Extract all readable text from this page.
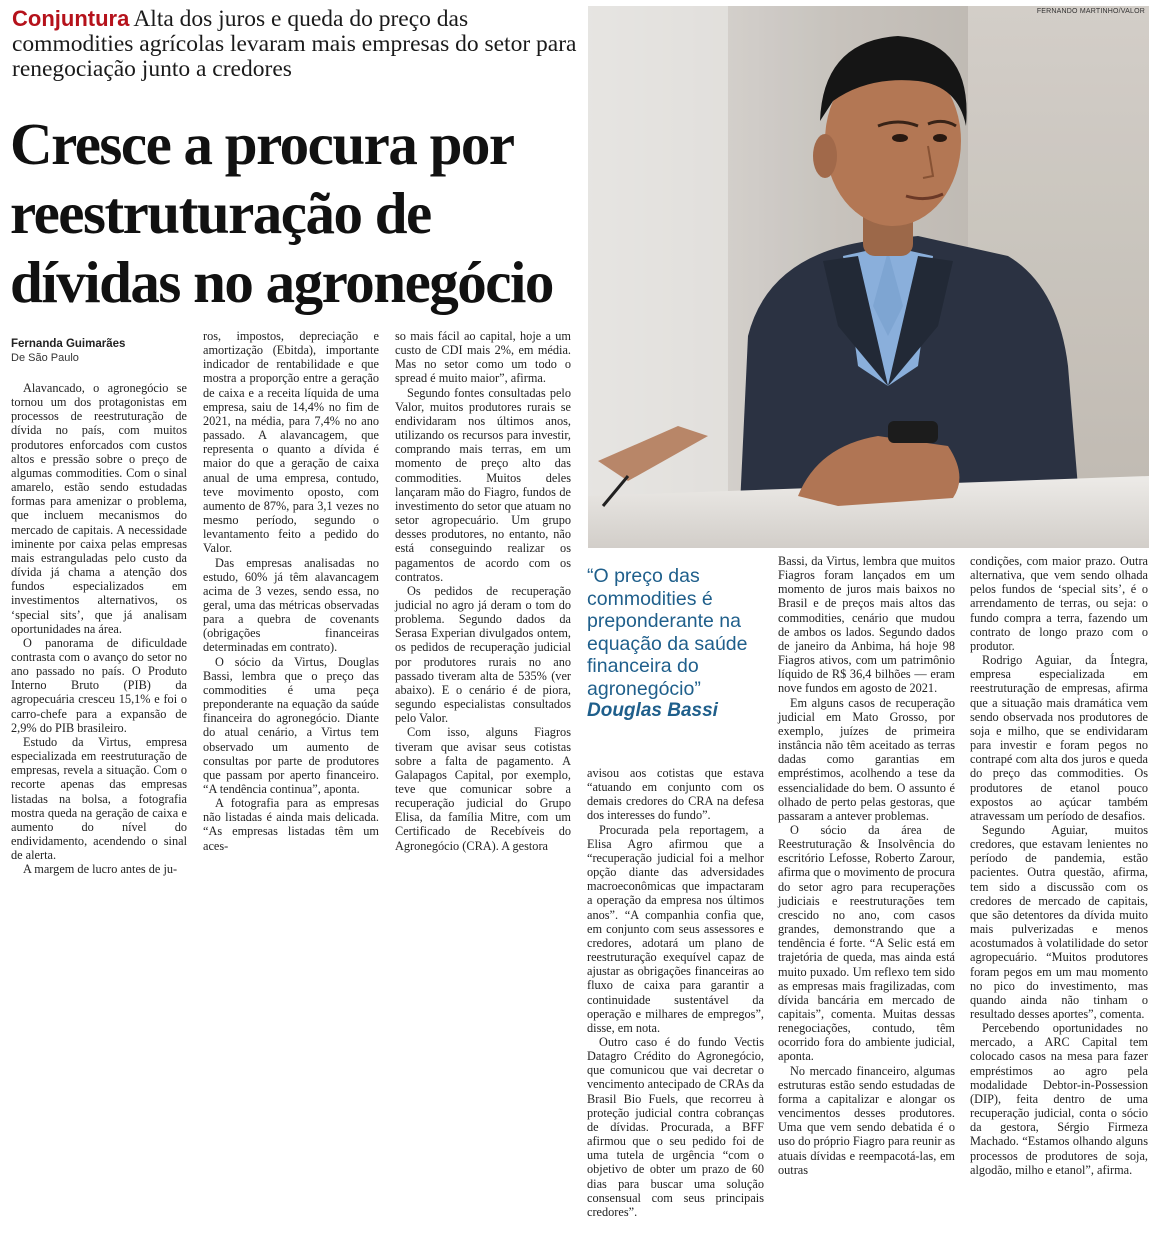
Conjuntura Alta dos juros e queda do preço das commodities agrícolas levaram mais empresas do setor para renegociação junto a credores
Cresce a procura por reestruturação de dívidas no agronegócio
FERNANDO MARTINHO/VALOR
Fernanda Guimarães
De São Paulo

Alavancado, o agronegócio se tornou um dos protagonistas em processos de reestruturação de dívida no país, com muitos produtores enforcados com custos altos e pressão sobre o preço de algumas commodities. Com o sinal amarelo, estão sendo estudadas formas para amenizar o problema, que incluem mecanismos do mercado de capitais. A necessidade iminente por caixa pelas empresas mais estranguladas pelo custo da dívida já chama a atenção dos fundos especializados em investimentos alternativos, os ‘special sits’, que já analisam oportunidades na área.

O panorama de dificuldade contrasta com o avanço do setor no ano passado no país. O Produto Interno Bruto (PIB) da agropecuária cresceu 15,1% e foi o carro-chefe para a expansão de 2,9% do PIB brasileiro.

Estudo da Virtus, empresa especializada em reestruturação de empresas, revela a situação. Com o recorte apenas das empresas listadas na bolsa, a fotografia mostra queda na geração de caixa e aumento do nível do endividamento, acendendo o sinal de alerta.

A margem de lucro antes de ju-

ros, impostos, depreciação e amortização (Ebitda), importante indicador de rentabilidade e que mostra a proporção entre a geração de caixa e a receita líquida de uma empresa, saiu de 14,4% no fim de 2021, na média, para 7,4% no ano passado. A alavancagem, que representa o quanto a dívida é maior do que a geração de caixa anual de uma empresa, contudo, teve movimento oposto, com aumento de 87%, para 3,1 vezes no mesmo período, segundo o levantamento feito a pedido do Valor.

Das empresas analisadas no estudo, 60% já têm alavancagem acima de 3 vezes, sendo essa, no geral, uma das métricas observadas para a quebra de covenants (obrigações financeiras determinadas em contrato).

O sócio da Virtus, Douglas Bassi, lembra que o preço das commodities é uma peça preponderante na equação da saúde financeira do agronegócio. Diante do atual cenário, a Virtus tem observado um aumento de consultas por parte de produtores que passam por aperto financeiro. “A tendência continua”, aponta.

A fotografia para as empresas não listadas é ainda mais delicada. “As empresas listadas têm um aces-

so mais fácil ao capital, hoje a um custo de CDI mais 2%, em média. Mas no setor como um todo o spread é muito maior”, afirma.

Segundo fontes consultadas pelo Valor, muitos produtores rurais se endividaram nos últimos anos, utilizando os recursos para investir, comprando mais terras, em um momento de preço alto das commodities. Muitos deles lançaram mão do Fiagro, fundos de investimento do setor que atuam no setor agropecuário. Um grupo desses produtores, no entanto, não está conseguindo realizar os pagamentos de acordo com os contratos.

Os pedidos de recuperação judicial no agro já deram o tom do problema. Segundo dados da Serasa Experian divulgados ontem, os pedidos de recuperação judicial por produtores rurais no ano passado tiveram alta de 535% (ver abaixo). E o cenário é de piora, segundo especialistas consultados pelo Valor.

Com isso, alguns Fiagros tiveram que avisar seus cotistas sobre a falta de pagamento. A Galapagos Capital, por exemplo, teve que comunicar sobre a recuperação judicial do Grupo Elisa, da família Mitre, com um Certificado de Recebíveis do Agronegócio (CRA). A gestora

“O preço das commodities é preponderante na equação da saúde financeira do agronegócio”
Douglas Bassi

avisou aos cotistas que estava “atuando em conjunto com os demais credores do CRA na defesa dos interesses do fundo”.

Procurada pela reportagem, a Elisa Agro afirmou que a “recuperação judicial foi a melhor opção diante das adversidades macroeconômicas que impactaram a operação da empresa nos últimos anos”. “A companhia confia que, em conjunto com seus assessores e credores, adotará um plano de reestruturação exequível capaz de ajustar as obrigações financeiras ao fluxo de caixa para garantir a continuidade sustentável da operação e milhares de empregos”, disse, em nota.

Outro caso é do fundo Vectis Datagro Crédito do Agronegócio, que comunicou que vai decretar o vencimento antecipado de CRAs da Brasil Bio Fuels, que recorreu à proteção judicial contra cobranças de dívidas. Procurada, a BFF afirmou que o seu pedido foi de uma tutela de urgência “com o objetivo de obter um prazo de 60 dias para buscar uma solução consensual com seus principais credores”.

Bassi, da Virtus, lembra que muitos Fiagros foram lançados em um momento de juros mais baixos no Brasil e de preços mais altos das commodities, cenário que mudou de ambos os lados. Segundo dados de janeiro da Anbima, há hoje 98 Fiagros ativos, com um patrimônio líquido de R$ 36,4 bilhões — eram nove fundos em agosto de 2021.

Em alguns casos de recuperação judicial em Mato Grosso, por exemplo, juízes de primeira instância não têm aceitado as terras dadas como garantias em empréstimos, acolhendo a tese da essencialidade do bem. O assunto é olhado de perto pelas gestoras, que passaram a antever problemas.

O sócio da área de Reestruturação & Insolvência do escritório Lefosse, Roberto Zarour, afirma que o movimento de procura do setor agro para recuperações judiciais e reestruturações tem crescido no ano, com casos grandes, demonstrando que a tendência é forte. “A Selic está em trajetória de queda, mas ainda está muito puxado. Um reflexo tem sido as empresas mais fragilizadas, com dívida bancária em mercado de capitais”, comenta. Muitas dessas renegociações, contudo, têm ocorrido fora do ambiente judicial, aponta.

No mercado financeiro, algumas estruturas estão sendo estudadas de forma a capitalizar e alongar os vencimentos desses produtores. Uma que vem sendo debatida é o uso do próprio Fiagro para reunir as atuais dívidas e reempacotá-las, em outras

condições, com maior prazo. Outra alternativa, que vem sendo olhada pelos fundos de ‘special sits’, é o arrendamento de terras, ou seja: o fundo compra a terra, fazendo um contrato de longo prazo com o produtor.

Rodrigo Aguiar, da Íntegra, empresa especializada em reestruturação de empresas, afirma que a situação mais dramática vem sendo observada nos produtores de soja e milho, que se endividaram para investir e foram pegos no contrapé com alta dos juros e queda do preço das commodities. Os produtores de etanol pouco expostos ao açúcar também atravessam um período de desafios.

Segundo Aguiar, muitos credores, que estavam lenientes no período de pandemia, estão pacientes. Outra questão, afirma, tem sido a discussão com os credores de mercado de capitais, que são detentores da dívida muito mais pulverizadas e menos acostumados à volatilidade do setor agropecuário. “Muitos produtores foram pegos em um mau momento no pico do investimento, mas quando ainda não tinham o resultado desses aportes”, comenta.

Percebendo oportunidades no mercado, a ARC Capital tem colocado casos na mesa para fazer empréstimos ao agro pela modalidade Debtor-in-Possession (DIP), feita dentro de uma recuperação judicial, conta o sócio da gestora, Sérgio Firmeza Machado. “Estamos olhando alguns processos de produtores de soja, algodão, milho e etanol”, afirma.
